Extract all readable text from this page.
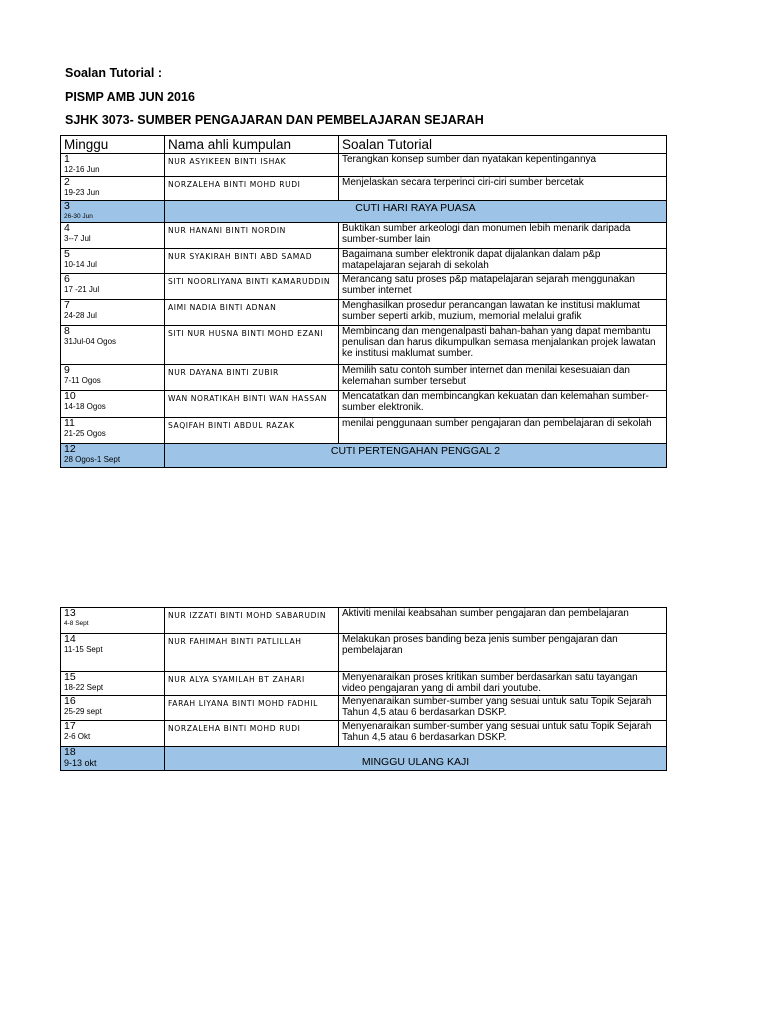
Soalan Tutorial :
PISMP AMB JUN 2016
SJHK 3073- SUMBER PENGAJARAN DAN PEMBELAJARAN SEJARAH
Minggu	Nama ahli kumpulan	Soalan Tutorial

1
12-16 Jun	NUR ASYIKEEN BINTI ISHAK	Terangkan konsep sumber dan nyatakan kepentingannya

2
19-23 Jun	NORZALEHA BINTI MOHD RUDI	Menjelaskan secara terperinci ciri-ciri sumber bercetak

3
26-30 Jun	CUTI HARI RAYA PUASA	

4
3--7 Jul	NUR HANANI BINTI NORDIN	Buktikan sumber arkeologi dan monumen lebih menarik daripada sumber-sumber lain

5
10-14 Jul	NUR SYAKIRAH BINTI ABD SAMAD	Bagaimana sumber elektronik dapat dijalankan dalam p&p matapelajaran sejarah di sekolah

6
17 -21 Jul	SITI NOORLIYANA BINTI KAMARUDDIN	Merancang satu proses p&p matapelajaran sejarah menggunakan sumber internet

7
24-28 Jul	AIMI NADIA BINTI ADNAN	Menghasilkan prosedur perancangan lawatan ke institusi maklumat sumber seperti arkib, muzium, memorial melalui grafik

8
31Jul-04 Ogos	SITI NUR HUSNA BINTI MOHD EZANI	Membincang dan mengenalpasti bahan-bahan yang dapat membantu penulisan dan harus dikumpulkan semasa menjalankan projek lawatan ke institusi maklumat sumber.

9
7-11 Ogos	NUR DAYANA BINTI ZUBIR	Memilih satu contoh sumber internet dan menilai kesesuaian dan kelemahan sumber tersebut

10
14-18 Ogos	WAN NORATIKAH BINTI WAN HASSAN	Mencatatkan dan membincangkan kekuatan dan kelemahan sumber-sumber elektronik.

11
21-25 Ogos	SAQIFAH BINTI ABDUL RAZAK	menilai penggunaan sumber pengajaran dan pembelajaran di sekolah

12
28 Ogos-1 Sept	CUTI PERTENGAHAN PENGGAL 2	
13
4-8 Sept	NUR IZZATI BINTI MOHD SABARUDIN	Aktiviti menilai keabsahan sumber pengajaran dan pembelajaran

14
11-15 Sept	NUR FAHIMAH BINTI PATLILLAH	Melakukan proses banding beza jenis sumber pengajaran dan pembelajaran

15
18-22 Sept	NUR ALYA SYAMILAH BT ZAHARI	Menyenaraikan proses kritikan sumber berdasarkan satu tayangan video pengajaran yang di ambil dari youtube.

16
25-29 sept	FARAH LIYANA BINTI MOHD FADHIL	Menyenaraikan sumber-sumber yang sesuai untuk satu Topik Sejarah Tahun 4,5 atau 6 berdasarkan DSKP.

17
2-6 Okt	NORZALEHA BINTI MOHD RUDI	Menyenaraikan sumber-sumber yang sesuai untuk satu Topik Sejarah Tahun 4,5 atau 6 berdasarkan DSKP.

18
9-13 okt	MINGGU ULANG KAJI	
